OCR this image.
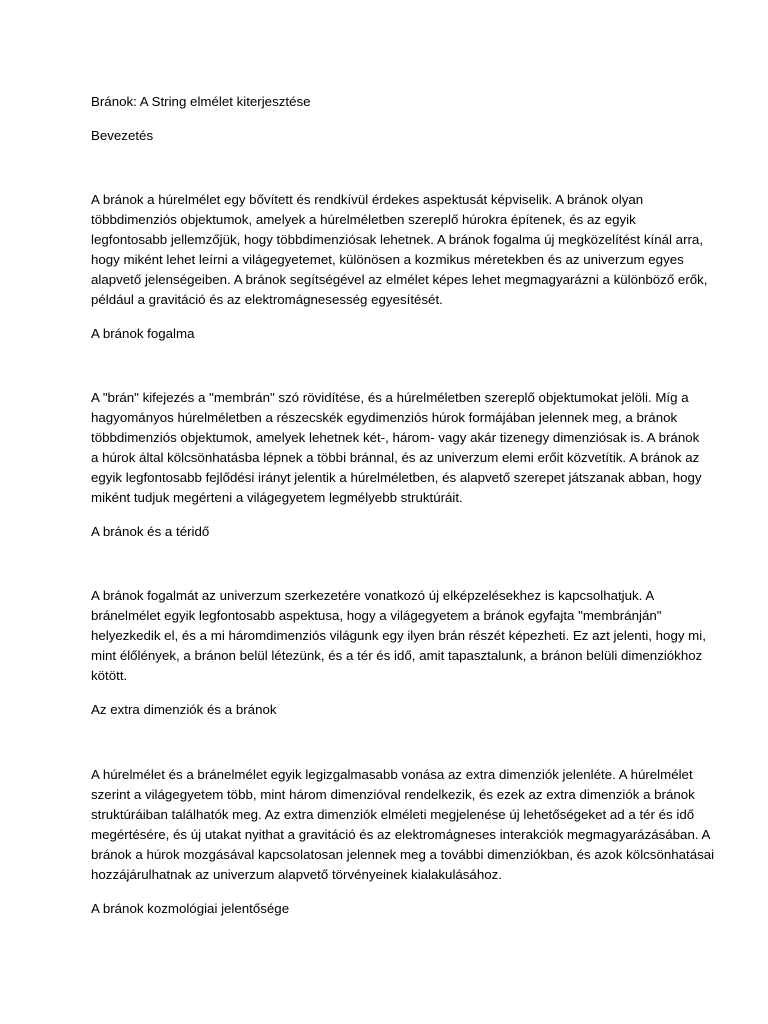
Bránok: A String elmélet kiterjesztése
Bevezetés
A bránok a húrelmélet egy bővített és rendkívül érdekes aspektusát képviselik. A bránok olyan
többdimenziós objektumok, amelyek a húrelméletben szereplő húrokra építenek, és az egyik
legfontosabb jellemzőjük, hogy többdimenziósak lehetnek. A bránok fogalma új megközelítést kínál arra,
hogy miként lehet leírni a világegyetemet, különösen a kozmikus méretekben és az univerzum egyes
alapvető jelenségeiben. A bránok segítségével az elmélet képes lehet megmagyarázni a különböző erők,
például a gravitáció és az elektromágnesesség egyesítését.
A bránok fogalma
A "brán" kifejezés a "membrán" szó rövidítése, és a húrelméletben szereplő objektumokat jelöli. Míg a
hagyományos húrelméletben a részecskék egydimenziós húrok formájában jelennek meg, a bránok
többdimenziós objektumok, amelyek lehetnek két-, három- vagy akár tizenegy dimenziósak is. A bránok
a húrok által kölcsönhatásba lépnek a többi bránnal, és az univerzum elemi erőit közvetítik. A bránok az
egyik legfontosabb fejlődési irányt jelentik a húrelméletben, és alapvető szerepet játszanak abban, hogy
miként tudjuk megérteni a világegyetem legmélyebb struktúráit.
A bránok és a téridő
A bránok fogalmát az univerzum szerkezetére vonatkozó új elképzelésekhez is kapcsolhatjuk. A
bránelmélet egyik legfontosabb aspektusa, hogy a világegyetem a bránok egyfajta "membránján"
helyezkedik el, és a mi háromdimenziós világunk egy ilyen brán részét képezheti. Ez azt jelenti, hogy mi,
mint élőlények, a bránon belül létezünk, és a tér és idő, amit tapasztalunk, a bránon belüli dimenziókhoz
kötött.
Az extra dimenziók és a bránok
A húrelmélet és a bránelmélet egyik legizgalmasabb vonása az extra dimenziók jelenléte. A húrelmélet
szerint a világegyetem több, mint három dimenzióval rendelkezik, és ezek az extra dimenziók a bránok
struktúráiban találhatók meg. Az extra dimenziók elméleti megjelenése új lehetőségeket ad a tér és idő
megértésére, és új utakat nyithat a gravitáció és az elektromágneses interakciók megmagyarázásában. A
bránok a húrok mozgásával kapcsolatosan jelennek meg a további dimenziókban, és azok kölcsönhatásai
hozzájárulhatnak az univerzum alapvető törvényeinek kialakulásához.
A bránok kozmológiai jelentősége
